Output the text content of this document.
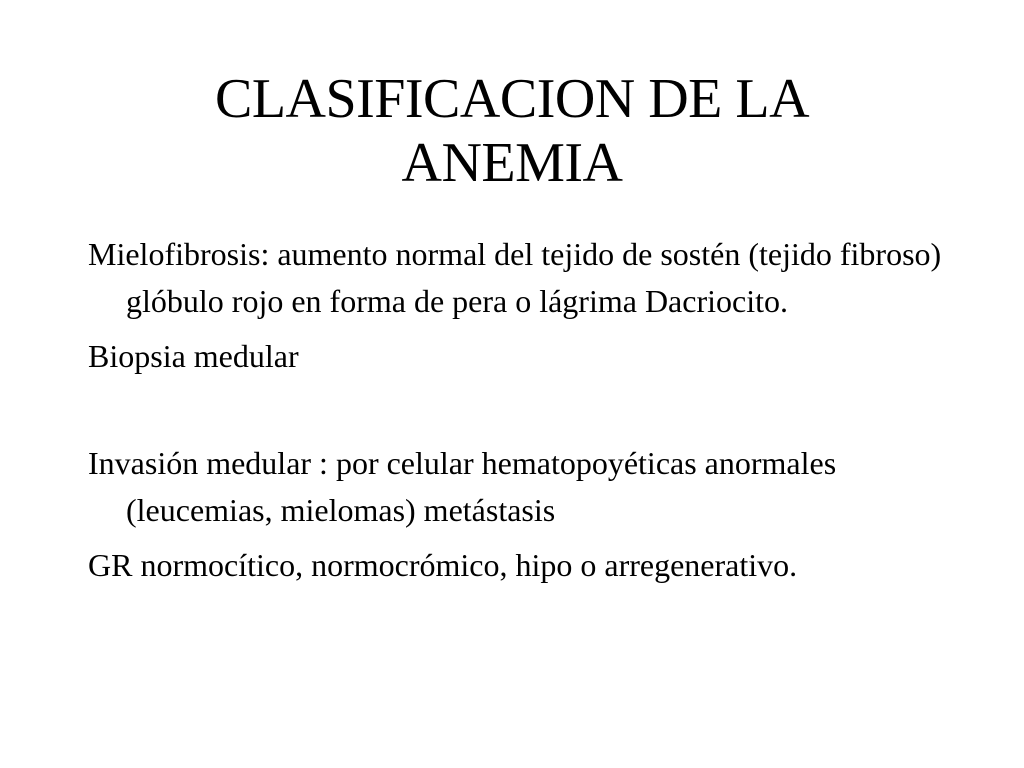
CLASIFICACION DE LA ANEMIA
Mielofibrosis: aumento normal del tejido de sostén (tejido fibroso) glóbulo rojo en forma de pera o lágrima Dacriocito.
Biopsia medular
Invasión medular : por celular hematopoyéticas anormales (leucemias, mielomas) metástasis
GR normocítico, normocrómico, hipo o arregenerativo.
